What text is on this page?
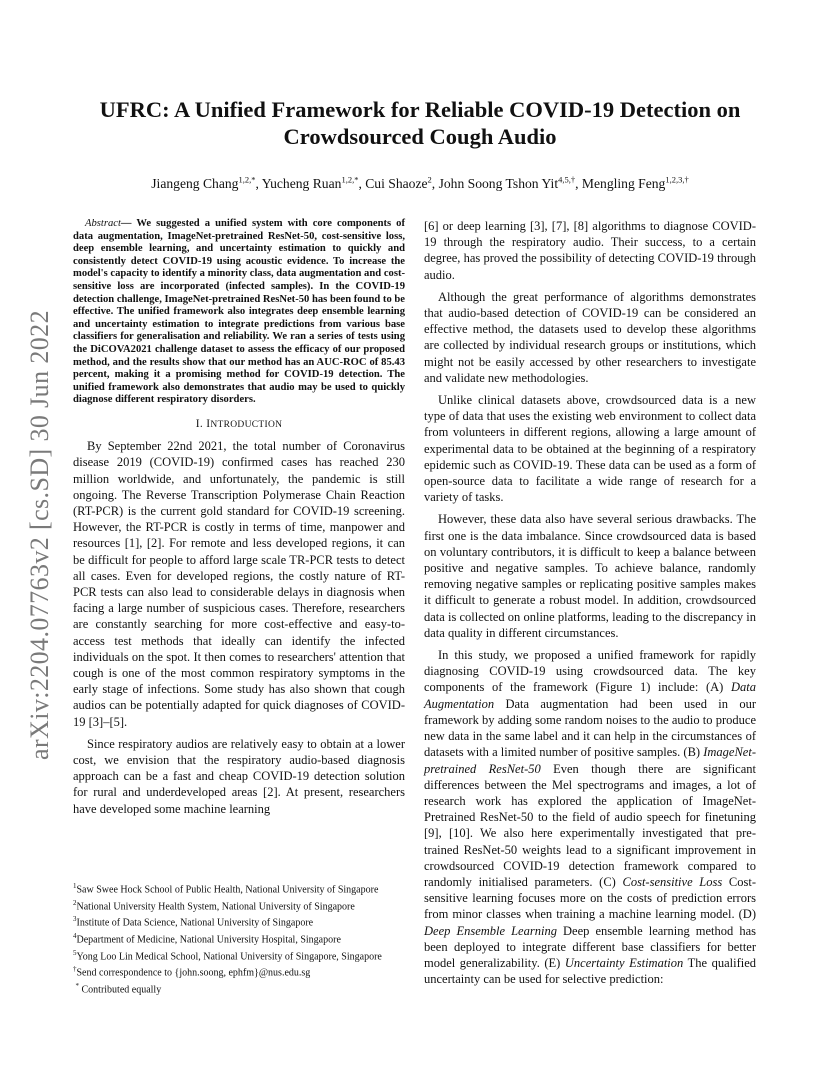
arXiv:2204.07763v2 [cs.SD] 30 Jun 2022
UFRC: A Unified Framework for Reliable COVID-19 Detection on
Crowdsourced Cough Audio
Jiangeng Chang$^{1,2,*}$, Yucheng Ruan$^{1,2,*}$, Cui Shaoze$^2$, John Soong Tshon Yit$^{4,5,\dagger}$, Mengling Feng$^{1,2,3,\dagger}$

Abstract— We suggested a unified system with core components of data augmentation, ImageNet-pretrained ResNet-50, cost-sensitive loss, deep ensemble learning, and uncertainty estimation to quickly and consistently detect COVID-19 using acoustic evidence. To increase the model's capacity to identify a minority class, data augmentation and cost-sensitive loss are incorporated (infected samples). In the COVID-19 detection challenge, ImageNet-pretrained ResNet-50 has been found to be effective. The unified framework also integrates deep ensemble learning and uncertainty estimation to integrate predictions from various base classifiers for generalisation and reliability. We ran a series of tests using the DiCOVA2021 challenge dataset to assess the efficacy of our proposed method, and the results show that our method has an AUC-ROC of 85.43 percent, making it a promising method for COVID-19 detection. The unified framework also demonstrates that audio may be used to quickly diagnose different respiratory disorders.

I. INTRODUCTION

By September 22nd 2021, the total number of Coronavirus disease 2019 (COVID-19) confirmed cases has reached 230 million worldwide, and unfortunately, the pandemic is still ongoing. The Reverse Transcription Polymerase Chain Reaction (RT-PCR) is the current gold standard for COVID-19 screening. However, the RT-PCR is costly in terms of time, manpower and resources [1], [2]. For remote and less developed regions, it can be difficult for people to afford large scale TR-PCR tests to detect all cases. Even for developed regions, the costly nature of RT-PCR tests can also lead to considerable delays in diagnosis when facing a large number of suspicious cases. Therefore, researchers are constantly searching for more cost-effective and easy-to-access test methods that ideally can identify the infected individuals on the spot. It then comes to researchers' attention that cough is one of the most common respiratory symptoms in the early stage of infections. Some study has also shown that cough audios can be potentially adapted for quick diagnoses of COVID-19 [3]–[5].

Since respiratory audios are relatively easy to obtain at a lower cost, we envision that the respiratory audio-based diagnosis approach can be a fast and cheap COVID-19 detection solution for rural and underdeveloped areas [2]. At present, researchers have developed some machine learning

$^1$Saw Swee Hock School of Public Health, National University of Singapore
$^2$National University Health System, National University of Singapore
$^3$Institute of Data Science, National University of Singapore
$^4$Department of Medicine, National University Hospital, Singapore
$^5$Yong Loo Lin Medical School, National University of Singapore, Singapore
†Send correspondence to {john.soong, ephfm}@nus.edu.sg
* Contributed equally

[6] or deep learning [3], [7], [8] algorithms to diagnose COVID-19 through the respiratory audio. Their success, to a certain degree, has proved the possibility of detecting COVID-19 through audio.

Although the great performance of algorithms demonstrates that audio-based detection of COVID-19 can be considered an effective method, the datasets used to develop these algorithms are collected by individual research groups or institutions, which might not be easily accessed by other researchers to investigate and validate new methodologies.

Unlike clinical datasets above, crowdsourced data is a new type of data that uses the existing web environment to collect data from volunteers in different regions, allowing a large amount of experimental data to be obtained at the beginning of a respiratory epidemic such as COVID-19. These data can be used as a form of open-source data to facilitate a wide range of research for a variety of tasks.

However, these data also have several serious drawbacks. The first one is the data imbalance. Since crowdsourced data is based on voluntary contributors, it is difficult to keep a balance between positive and negative samples. To achieve balance, randomly removing negative samples or replicating positive samples makes it difficult to generate a robust model. In addition, crowdsourced data is collected on online platforms, leading to the discrepancy in data quality in different circumstances.

In this study, we proposed a unified framework for rapidly diagnosing COVID-19 using crowdsourced data. The key components of the framework (Figure 1) include: (A) Data Augmentation Data augmentation had been used in our framework by adding some random noises to the audio to produce new data in the same label and it can help in the circumstances of datasets with a limited number of positive samples. (B) ImageNet-pretrained ResNet-50 Even though there are significant differences between the Mel spectrograms and images, a lot of research work has explored the application of ImageNet-Pretrained ResNet-50 to the field of audio speech for finetuning [9], [10]. We also here experimentally investigated that pre-trained ResNet-50 weights lead to a significant improvement in crowdsourced COVID-19 detection framework compared to randomly initialised parameters. (C) Cost-sensitive Loss Cost-sensitive learning focuses more on the costs of prediction errors from minor classes when training a machine learning model. (D) Deep Ensemble Learning Deep ensemble learning method has been deployed to integrate different base classifiers for better model generalizability. (E) Uncertainty Estimation The qualified uncertainty can be used for selective prediction:
